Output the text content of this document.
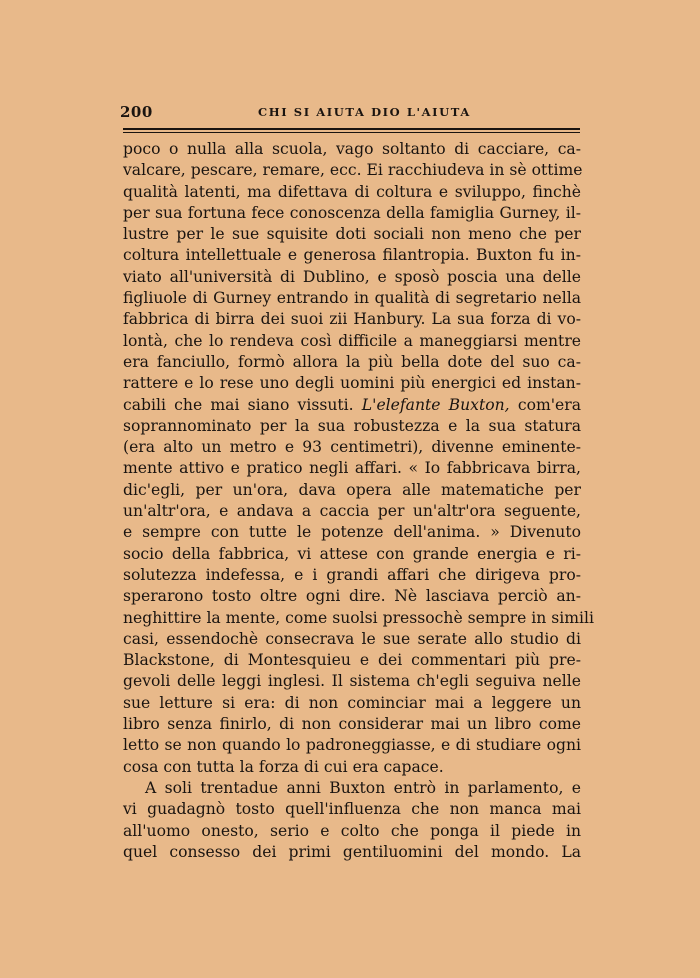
200	CHI SI AIUTA DIO L'AIUTA
poco o nulla alla scuola, vago soltanto di cacciare, ca-
valcare, pescare, remare, ecc. Ei racchiudeva in sè ottime
qualità latenti, ma difettava di coltura e sviluppo, finchè
per sua fortuna fece conoscenza della famiglia Gurney, il-
lustre per le sue squisite doti sociali non meno che per
coltura intellettuale e generosa filantropia. Buxton fu in-
viato all'università di Dublino, e sposò poscia una delle
figliuole di Gurney entrando in qualità di segretario nella
fabbrica di birra dei suoi zii Hanbury. La sua forza di vo-
lontà, che lo rendeva così difficile a maneggiarsi mentre
era fanciullo, formò allora la più bella dote del suo ca-
rattere e lo rese uno degli uomini più energici ed instan-
cabili che mai siano vissuti. L'elefante Buxton, com'era
soprannominato per la sua robustezza e la sua statura
(era alto un metro e 93 centimetri), divenne eminente-
mente attivo e pratico negli affari. « Io fabbricava birra,
dic'egli, per un'ora, dava opera alle matematiche per
un'altr'ora, e andava a caccia per un'altr'ora seguente,
e sempre con tutte le potenze dell'anima. » Divenuto
socio della fabbrica, vi attese con grande energia e ri-
solutezza indefessa, e i grandi affari che dirigeva pro-
sperarono tosto oltre ogni dire. Nè lasciava perciò an-
neghittire la mente, come suolsi pressochè sempre in simili
casi, essendochè consecrava le sue serate allo studio di
Blackstone, di Montesquieu e dei commentari più pre-
gevoli delle leggi inglesi. Il sistema ch'egli seguiva nelle
sue letture si era: di non cominciar mai a leggere un
libro senza finirlo, di non considerar mai un libro come
letto se non quando lo padroneggiasse, e di studiare ogni
cosa con tutta la forza di cui era capace.
A soli trentadue anni Buxton entrò in parlamento, e
vi guadagnò tosto quell'influenza che non manca mai
all'uomo onesto, serio e colto che ponga il piede in
quel consesso dei primi gentiluomini del mondo. La
